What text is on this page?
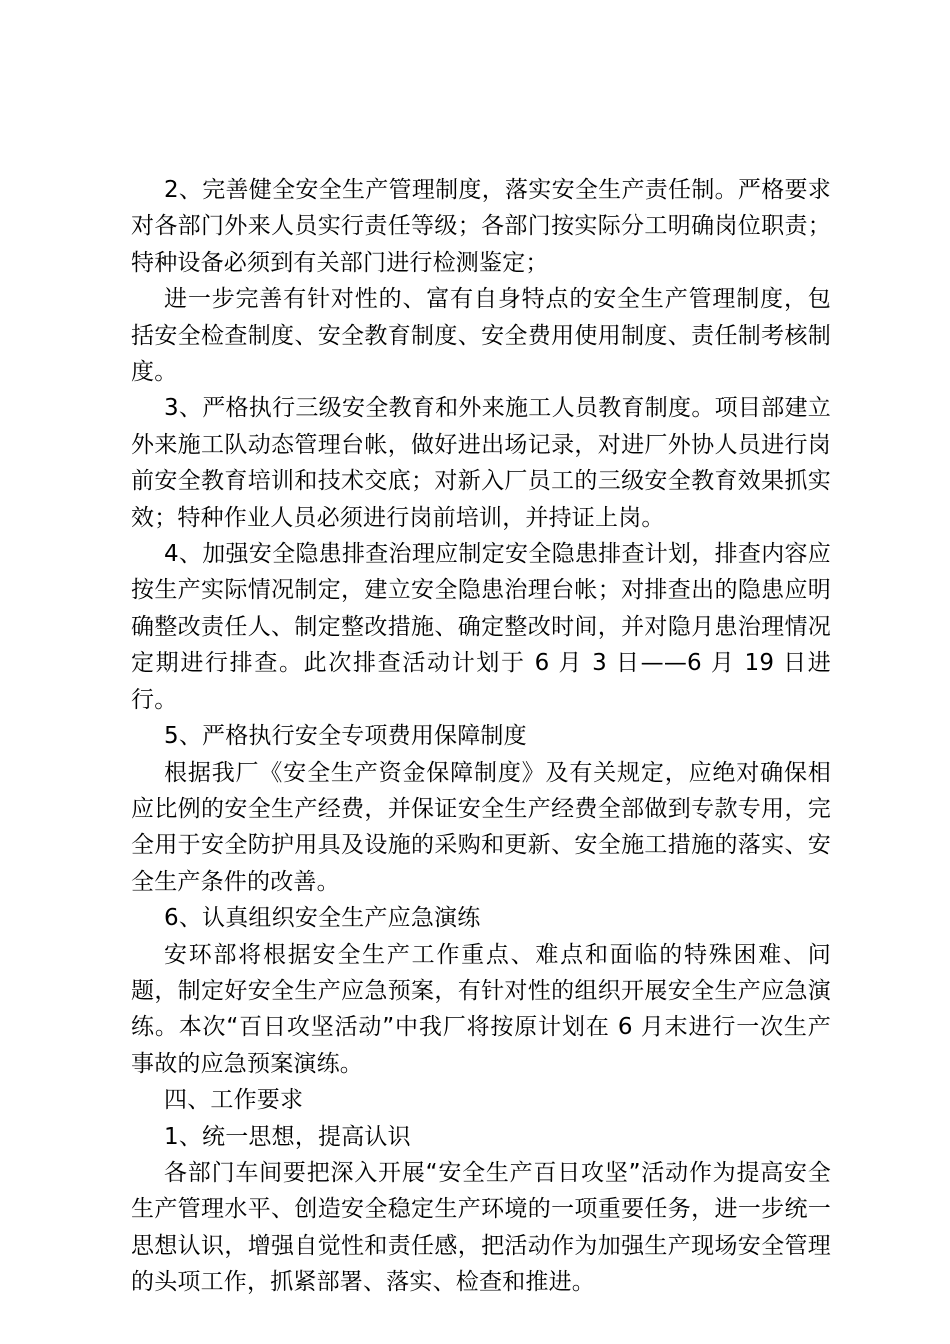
2、完善健全安全生产管理制度，落实安全生产责任制。严格要求对各部门外来人员实行责任等级；各部门按实际分工明确岗位职责；特种设备必须到有关部门进行检测鉴定；

进一步完善有针对性的、富有自身特点的安全生产管理制度，包括安全检查制度、安全教育制度、安全费用使用制度、责任制考核制度。

3、严格执行三级安全教育和外来施工人员教育制度。项目部建立外来施工队动态管理台帐，做好进出场记录，对进厂外协人员进行岗前安全教育培训和技术交底；对新入厂员工的三级安全教育效果抓实效；特种作业人员必须进行岗前培训，并持证上岗。

4、加强安全隐患排查治理应制定安全隐患排查计划，排查内容应按生产实际情况制定，建立安全隐患治理台帐；对排查出的隐患应明确整改责任人、制定整改措施、确定整改时间，并对隐月患治理情况定期进行排查。此次排查活动计划于 6 月 3 日——6 月 19 日进行。

5、严格执行安全专项费用保障制度

根据我厂《安全生产资金保障制度》及有关规定，应绝对确保相应比例的安全生产经费，并保证安全生产经费全部做到专款专用，完全用于安全防护用具及设施的采购和更新、安全施工措施的落实、安全生产条件的改善。

6、认真组织安全生产应急演练

安环部将根据安全生产工作重点、难点和面临的特殊困难、问题，制定好安全生产应急预案，有针对性的组织开展安全生产应急演练。本次“百日攻坚活动”中我厂将按原计划在 6 月末进行一次生产事故的应急预案演练。

四、工作要求

1、统一思想，提高认识

各部门车间要把深入开展“安全生产百日攻坚”活动作为提高安全生产管理水平、创造安全稳定生产环境的一项重要任务，进一步统一思想认识，增强自觉性和责任感，把活动作为加强生产现场安全管理的头项工作，抓紧部署、落实、检查和推进。
